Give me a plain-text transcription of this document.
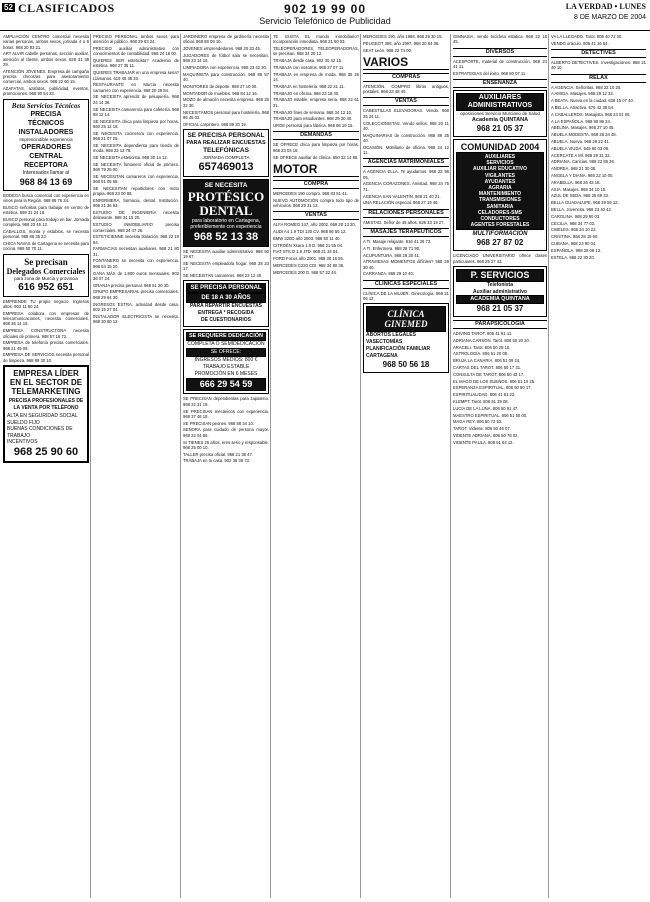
52 CLASIFICADOS	902 19 99 00
Servicio Telefónico de Publicidad
LA VERDAD • LUNES
8 DE MARZO DE 2004
AMPLIACIÓN CENTRO comercial necesita varias personas, ambos sexos, jornada 4 u 8 horas. 968 20 93 21.
ART ALVIR cabelle personas, sección auxiliar, atención al cliente, ambos sexos. 628 31 38 29.
ATENCIÓN JÓVENES: Empresa de campaña precisa chicos/as para asesoramiento comercial, ambos sexos. 968 22 60 15.
AZAFATAS, azafatos, publicidad, eventos, promociones. 968 90 54 33.
Beta Servicios Técnicos
PRECISA
TÉCNICOS
INSTALADORES
Imprescindible experiencia
OPERADORES CENTRAL
RECEPTORA
Interesados llamar al
968 84 13 69
BODEGA busca comercial con experiencia en vinos para la Región. 968 88 76 34.
BUSCO señoritas para trabajar en centro de estética. 669 31 24 18.
BUSCO personal para trabajo en bar. Jornada completa. 968 23 45 12.
CABALLOS, monta y establos, se necesita personal. 968 86 35 23.
CHICA NAVAS de Cartagena se necesita para cocina. 968 50 70 11.
Se precisan
Delegados Comerciales
para zona de Murcia y provincia
616 952 651
EMPRENDE TU propio negocio. Ingresos altos. 902 11 60 24.
EMPRESA colabora con empresas de telecomunicaciones, necesita comerciales. 968 35 14 15.
EMPRESA CONSTRUCTORA necesita oficiales de primera. 968 57 16 72.
EMPRESA de telefonía precisa comerciales. 968 21 49 09.
EMPRESA DE SERVICIOS necesita personal de limpieza. 968 89 30 10.
EMPRESA LÍDER EN EL SECTOR DE TELEMARKETING
PRECISA PROFESIONALES DE LA VENTA POR TELÉFONO
ALTA EN SEGURIDAD SOCIAL
SUELDO FIJO
BUENAS CONDICIONES DE TRABAJO
INCENTIVOS
968 25 90 60
PRECISO PERSONAL ambos sexos para atención al público. 968 29 63 24.
PRECISO auxiliar administrativo con conocimientos de contabilidad. 968 24 18 00.
QUIERES SER esteticista? Academia de estética. 968 27 35 11.
QUIERES TRABAJAR en una empresa seria? Llámanos. 619 48 36 20.
RESTAURANTE en Murcia necesita camarero con experiencia. 968 20 29 84.
SE NECESITA aprendiz de peluquería. 968 24 14 38.
SE NECESITA camarero/a para cafetería. 968 88 12 14.
SE NECESITA chica para limpieza por horas. 660 25 12 18.
SE NECESITA cocinero/a con experiencia. 968 21 07 25.
SE NECESITA dependienta para tienda de moda. 968 23 12 78.
SE NECESITA esteticista. 968 30 14 12.
SE NECESITA fontanero oficial de primera. 968 79 25 00.
SE NECESITAN camareros con experiencia. 968 51 05 68.
SE NECESITAN repartidores con moto propia. 968 23 00 88.
ENFERMERA, farmacia, dental. Institución. 968 21 36 63.
ESTUDIO DE INGENIERÍA necesita delineante. 968 34 15 20.
ESTUDIO INMOBILIARIO precisa comerciales. 968 24 47 26.
ESTETICIENNE necesita titulación. 968 22 19 84.
FARMACIAS necesitan auxiliares. 968 21 80 31.
FONTANERO se necesita con experiencia. 968 64 15 20.
GANA MÁS de 1.800 euros mensuales. 902 36 07 24.
GRANJA precisa personal. 968 61 20 30.
GRUPO EMPRESARIAL precisa comerciales. 968 29 64 30.
INGRESOS EXTRA, actividad desde casa. 902 15 27 04.
INSTALADOR ELECTRICISTA se necesita. 968 30 60 12.
JARDINERO empresa de jardinería necesita oficial. 968 88 09 10.
JÓVENES emprendedores. 968 20 33 45.
JUGADORES de fútbol sala se necesitan. 968 23 14 16.
LIMPIADORA con experiencia. 968 23 42 20.
MAQUINISTA para construcción. 968 86 57 40.
MONITORES de deporte. 968 27 10 00.
MONTADOR de muebles. 968 84 12 15.
MOZO de almacén necesita empresa. 968 25 32 30.
NECESITAMOS personal para hostelería. 968 86 45 02.
OFICIAL carpintero. 968 89 20 19.
SE PRECISA PERSONAL
PARA REALIZAR ENCUESTAS
TELEFÓNICAS
JORNADA COMPLETA
657469013
SE NECESITA
PROTÉSICO DENTAL
para laboratorio en Cartagena, preferiblemente con experiencia
968 52 13 38
SE NECESITA auxiliar administrativo. 968 50 19 67.
SE NECESITA empleado/a hogar. 968 28 23 17.
SE NECESITAN camareros. 968 23 12 40.
SE PRECISA PERSONAL
DE 18 A 30 AÑOS
PARA REPARTIR ENCUESTAS
ENTREGA * RECOGIDA
DE CUESTIONARIOS
SE REQUIERE DEDICACIÓN
COMPLETA O SEMIDEDICACIÓN
SE OFRECE:
INGRESOS MEDIOS: 800 €
TRABAJO ESTABLE
PROMOCIÓN EN 6 MESES
666 29 54 59
SE PRECISAN dependientas para zapatería. 968 22 31 19.
SE PRECISAN mecánicos con experiencia. 968 37 46 18.
SE PRECISAN peones. 968 88 34 10.
SEÑORA para cuidado de persona mayor. 968 22 04 66.
SI TIENES 25 años, eres serio y responsable. 968 25 00 10.
TALLER precisa oficial. 968 21 38 47.
TRABAJA en tu casa. 902 36 38 73.
TE GUSTA EL mundo inmobiliario? Incorporación inmediata. 968 21 60 03.
TELEOPERADORES, TELEOPERADORAS, se precisan. 968 34 20 12.
TRABAJA desde casa. 902 30 42 15.
TRABAJA con nosotros. 968 27 07 11.
TRABAJA en empresa de moda. 968 35 26 14.
TRABAJA en hostelería. 968 22 31 11.
TRABAJO en oficina. 968 23 18 40.
TRABAJO estable, empresa seria. 968 22 61 31.
TRABAJO fines de semana. 968 34 12 10.
TRABAJO para estudiantes. 968 29 30 40.
URGE personal para fábrica. 968 86 19 15.
DEMANDAS
SE OFRECE chica para limpieza por horas. 968 23 03 18.
SE OFRECE auxiliar de clínica. 650 32 14 88.
MOTOR
COMPRA
MERCEDES 190 compro. 968 83 51 41.
NUEVO AUTOMOCIÓN compra todo tipo de vehículos. 968 29 31 13.
VENTAS
ALFA ROMEO 147, año 2002. 669 20 13 20.
AUDI A4 1.9 TDI 130 CV. 968 86 55 12.
BMW 320D año 2003. 968 50 11 40.
CITROËN Xsara 1.9 D. 968 21 55 04.
FIAT STILO 1.9 JTD. 968 21 34 04.
FORD Focus año 2001. 968 30 15 55.
MERCEDES C220 CDI. 968 34 80 36.
MERCEDES 200 D. 968 57 32 44.
MERCEDES 190, año 1988. 968 29 30 15.
PEUGEOT 306, año 1997. 968 20 84 36.
SEAT León. 968 22 74 00.
VARIOS
COMPRAS
ATENCIÓN. COMPRO libros antiguos, postales. 968 23 48 40.
VENTAS
CABESTILLAS ELEVADORAS. Vendo. 968 35 24 11.
COLECCIONISTAS. Vendo sellos. 968 20 11 40.
MAQUINARIAS de construcción. 968 89 25 40.
OCASIÓN. Mobiliario de oficina. 968 24 12 11.
AGENCIAS MATRIMONIALES
A AGENCIA ELLA. Te ayudamos. 968 22 98 05.
AGENCIA CORAZONES. Amistad. 968 24 75 71.
AGENCIA SAN VALENTÍN. 968 21 40 21.
UNA RELACIÓN especial. 968 27 19 46.
RELACIONES PERSONALES
AMISTAD. Señor de 45 años. 626 33 19 27.
MASAJES TERAPÉUTICOS
A TI. Masaje relajante. 616 41 26 73.
A TI. Enfermera. 968 28 71 90.
ACUPUNTURA. 968 29 30 41.
ATRAVIESAS MOMENTOS difíciles? 968 29 30 40.
CARRANZA. 968 29 10 40.
CLÍNICAS ESPECIALES
CLÍNICA DE LA MUJER. Ginecología. 968 21 06 12.
CLÍNICA
GINEMED
ABORTOS LEGALES
VASECTOMÍAS
PLANIFICACIÓN FAMILIAR
CARTAGENA
968 50 56 18
GIMNASIA, vendo bicicleta estática. 968 22 16 45.
DIVERSOS
ACESPORTE, material de construcción. 968 24 41 11.
ESTRATEGIAS del éxito. 968 80 07 11.
ENSEÑANZA
AUXILIARES ADMINISTRATIVOS
oposiciones Servicio Murciano de Salud
Academia QUINTANA
968 21 05 37
COMUNIDAD 2004
AUXILIARES
SERVICIOS
AUXILIAR EDUCATIVO
VIGILANTES
AYUDANTES
AGRARIA
MANTENIMIENTO
TRANSMISIONES
SANITARIA
CELADORES-SMS
CONDUCTORES
AGENTES FORESTALES
MULTIFORMACIÓN
968 27 87 02
LICENCIADO UNIVERSITARIO ofrece clases particulares. 968 25 27 43.
P. SERVICIOS
Telefonista
Auxiliar administrativo
ACADEMIA QUINTANA
968 21 05 37
PARAPSICOLOGÍA
ADIVINO TAROT. 806 41 81 11.
ADRIANA CARSON. Tarot. 806 50 20 20.
ARACELI. Tarot. 806 50 28 10.
ASTROLOGÍA. 806 51 20 08.
BRUJA LA CANARIA. 806 51 09 24.
CARTAS DEL TAROT. 806 50 17 31.
CONSULTA DE TAROT. 806 50 43 17.
EL MAGO DE LOS SUEÑOS. 806 51 10 25.
ESPERANZA ESPIRITUAL. 806 50 80 17.
ESPIRITUALIDAD. 806 41 81 22.
KLEMPT. Tarot. 806 51 39 08.
LUCÍA DE LA LUNA. 806 50 91 47.
MAESTRO ESPIRITUAL. 806 51 50 00.
MAGA REY. 806 50 72 53.
TAROT. Vidente. 806 50 46 07.
VIDENTE ADRIANA. 806 50 76 02.
VIDENTE PAULA. 806 51 64 12.
VA LA LLEGADO. Tarot. 806 40 72 20.
VENDO oráculo. 806 41 16 64.
DETECTIVES
ALBERTO DETECTIVES. Investigaciones. 968 21 40 10.
RELAX
A AGENCIA. Señoritas. 968 22 10 20.
A AMIGA. Masajes. 968 29 12 33.
A BEATA. Nueva en la ciudad. 638 15 07 40.
A BELLA. Atractiva. 676 42 39 54.
A CABALLEROS. Masajista. 968 24 01 08.
A LA ESPAÑOLA. 968 90 86 24.
ABELINA. Masajes. 968 27 10 45.
ABUELA MODESTA. 968 28 34 48.
ABUELA. Nueva. 968 29 22 41.
ABUELA VIUDA. 649 60 03 08.
ACERCATE A MÍ. 968 29 31 32.
ADRIANA. Caricias. 968 22 86 36.
ANDREA. 968 21 30 08.
ANGELA Y DIANA. 968 22 10 00.
ARABELLA. 968 26 43 18.
ASIA. Masajes. 968 34 10 15.
AZUL DE SEDA. 968 25 69 33.
BELLA GUADALUPE. 968 29 59 12.
BELLA. Jovencita. 968 23 40 42.
CAROLINA. 968 29 50 03.
CECILIA. 968 34 77 02.
CIBELES. 968 34 10 22.
CRISTINA. 968 28 15 60.
CUBANA. 968 23 90 04.
ESPAÑOLA. 968 28 08 13.
ESTELA. 968 22 30 20.
